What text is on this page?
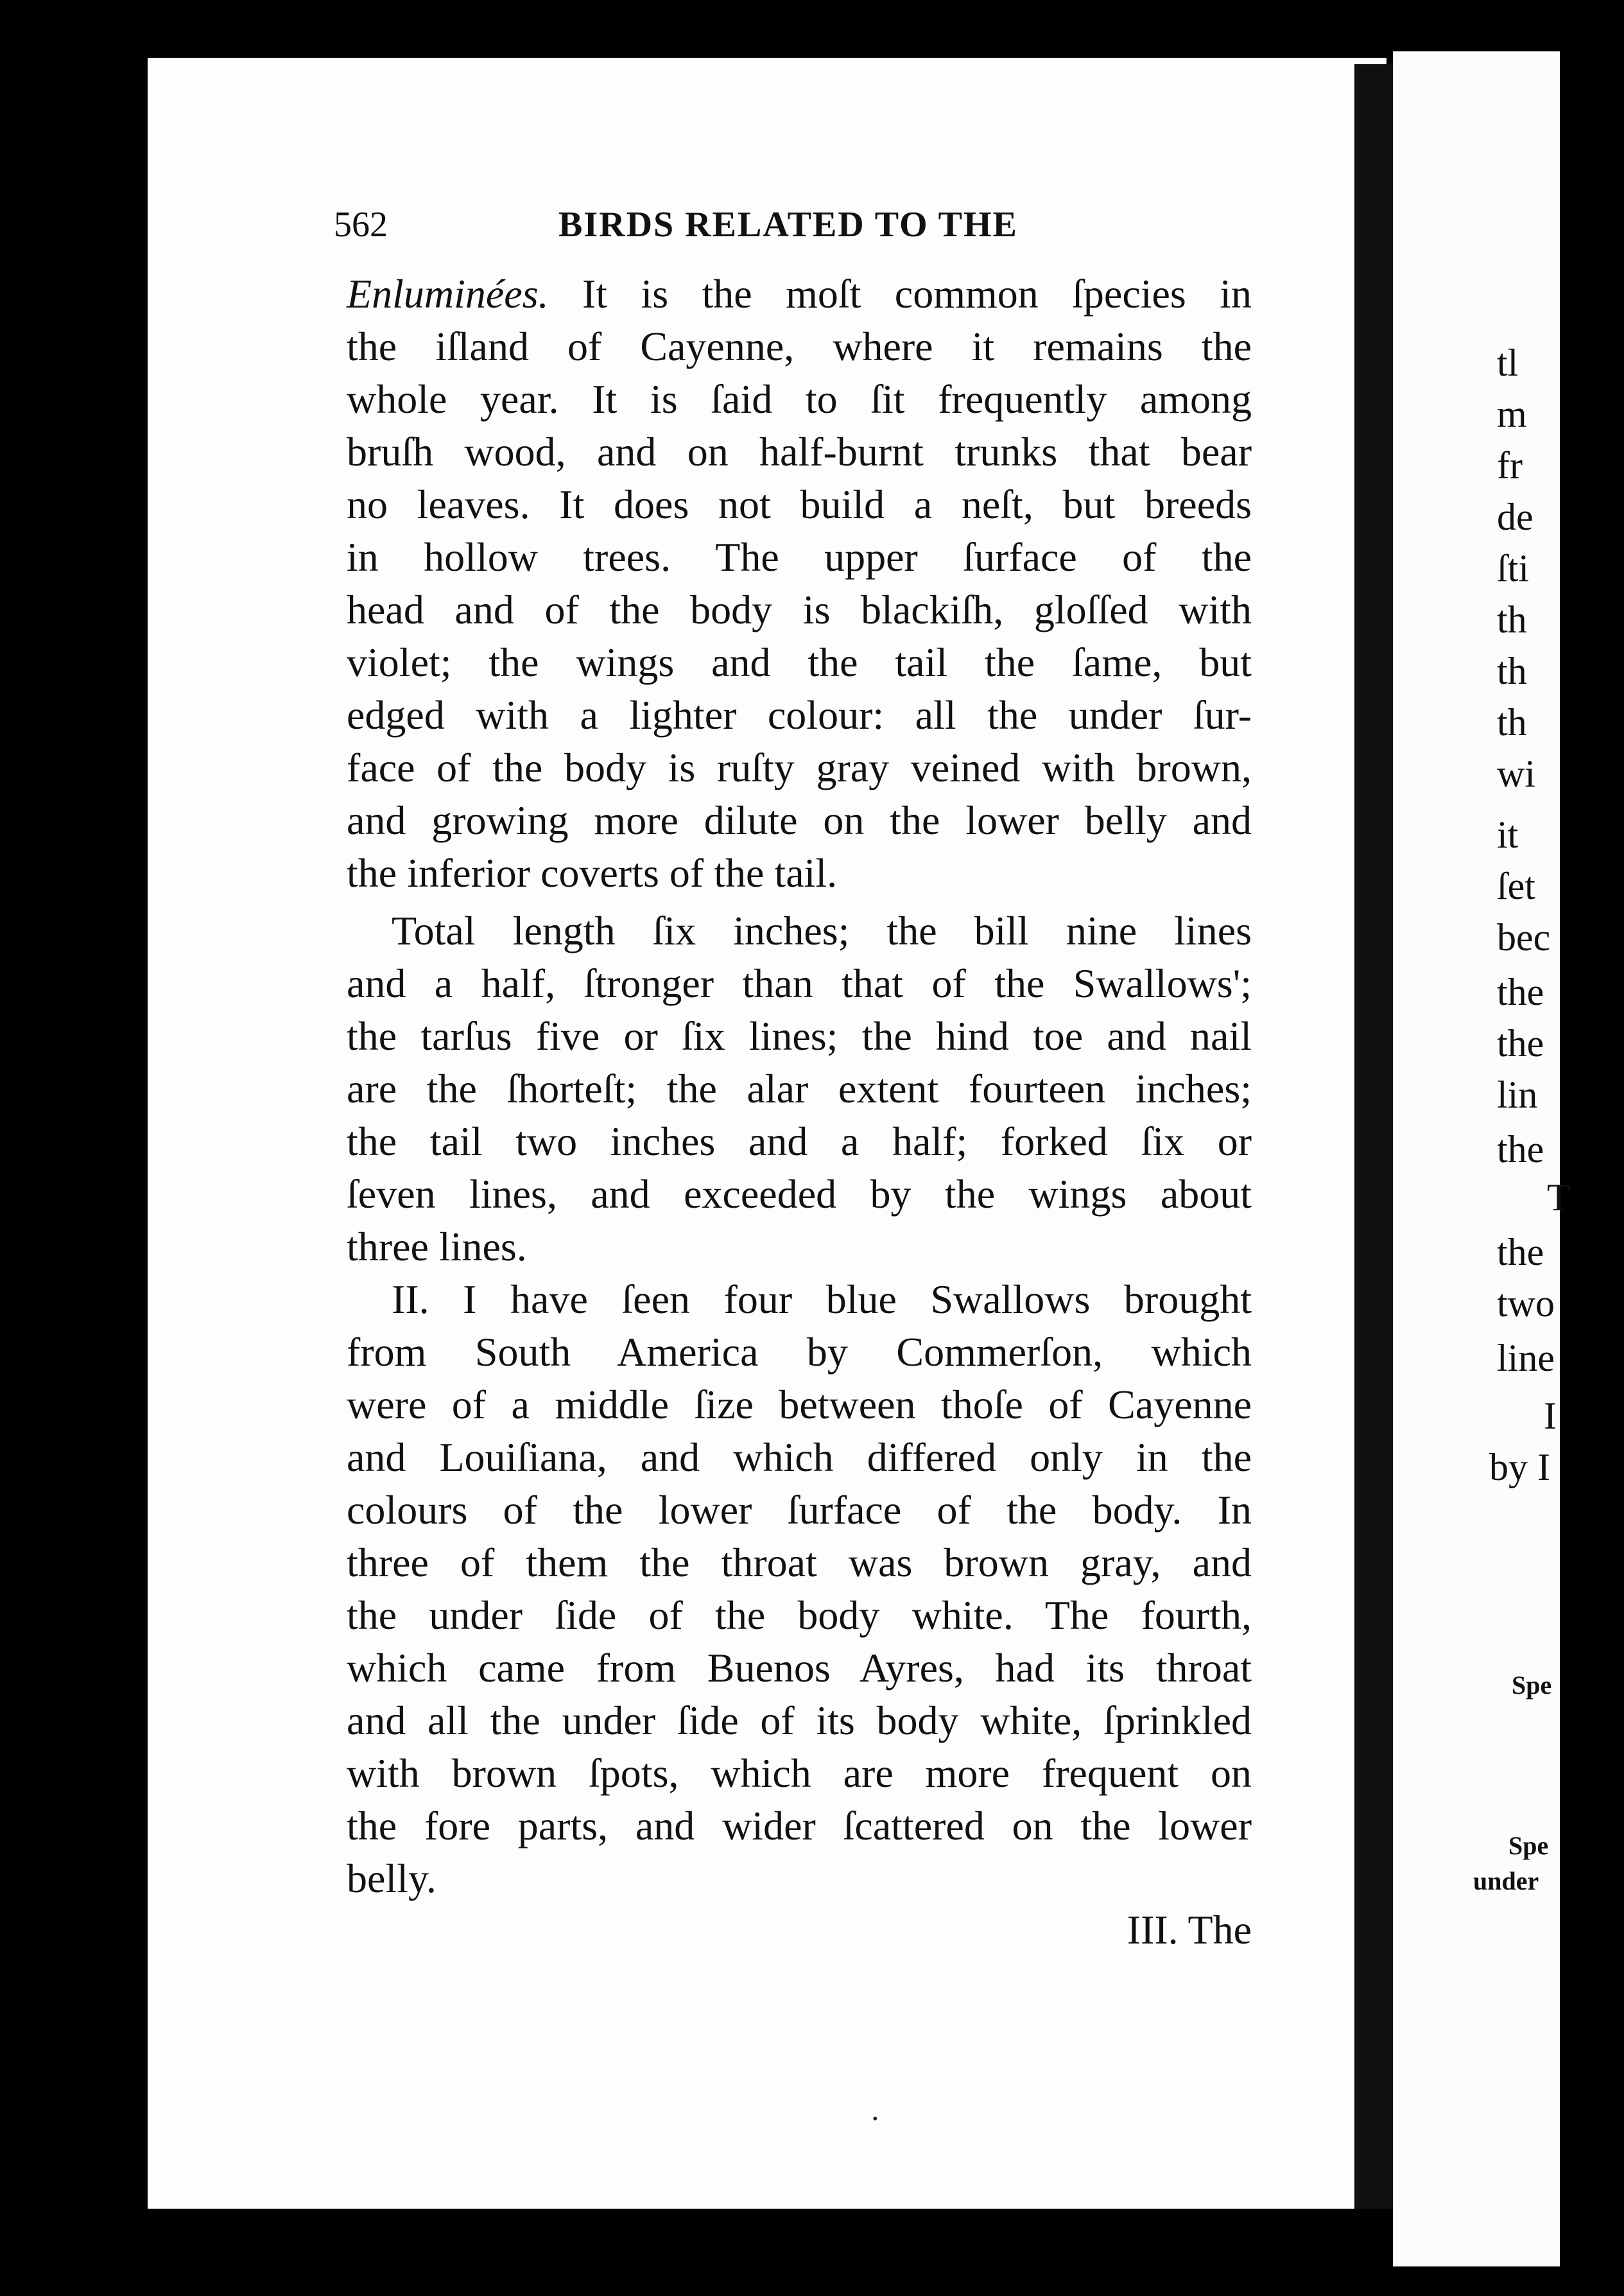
562	BIRDS RELATED TO THE
Enluminées. It is the moſt common ſpecies in
the iſland of Cayenne, where it remains the
whole year. It is ſaid to ſit frequently among
bruſh wood, and on half-burnt trunks that bear
no leaves. It does not build a neſt, but breeds
in hollow trees. The upper ſurface of the
head and of the body is blackiſh, gloſſed with
violet; the wings and the tail the ſame, but
edged with a lighter colour: all the under ſur-
face of the body is ruſty gray veined with brown,
and growing more dilute on the lower belly and
the inferior coverts of the tail.
Total length ſix inches; the bill nine lines
and a half, ſtronger than that of the Swallows';
the tarſus five or ſix lines; the hind toe and nail
are the ſhorteſt; the alar extent fourteen inches;
the tail two inches and a half; forked ſix or
ſeven lines, and exceeded by the wings about
three lines.
II. I have ſeen four blue Swallows brought
from South America by Commerſon, which
were of a middle ſize between thoſe of Cayenne
and Louiſiana, and which differed only in the
colours of the lower ſurface of the body. In
three of them the throat was brown gray, and
the under ſide of the body white. The fourth,
which came from Buenos Ayres, had its throat
and all the under ſide of its body white, ſprinkled
with brown ſpots, which are more frequent on
the fore parts, and wider ſcattered on the lower
belly.
III. The
tl
m
fr
de
ſti
th
th
th
wi
it
ſet
bec
the
the
lin
the
T
the
two
line
I
by I
Spe
Spe
under
·
